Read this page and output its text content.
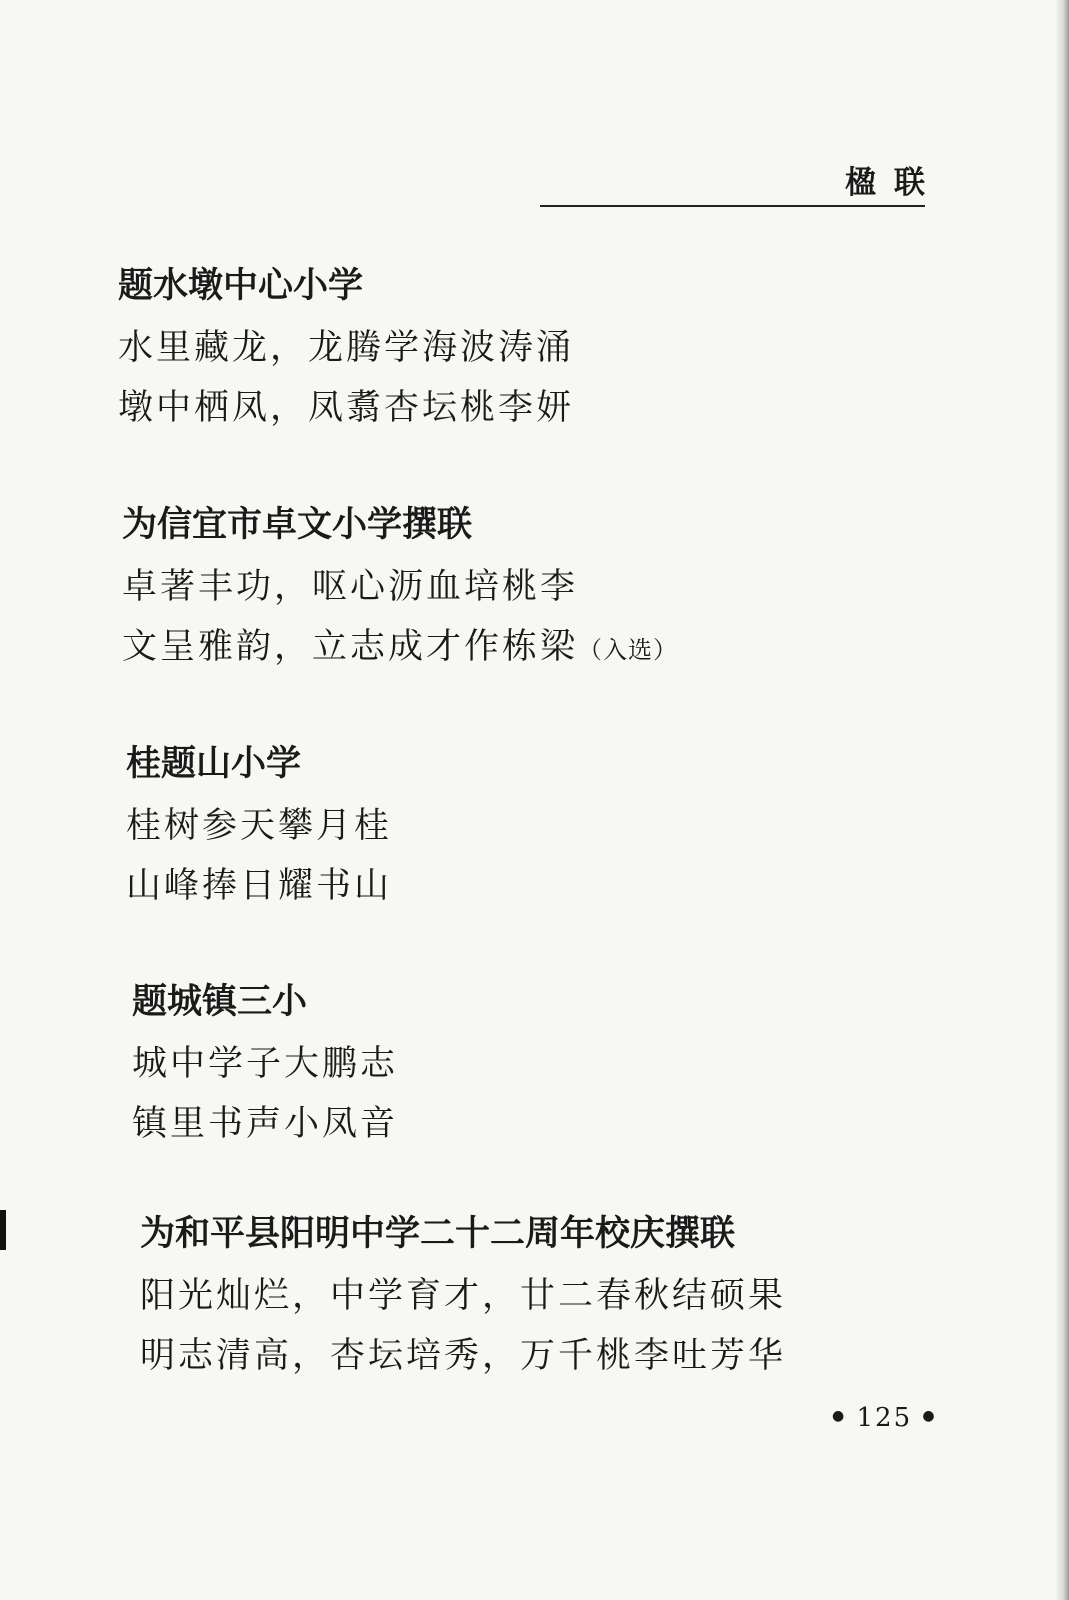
楹联
题水墩中心小学
水里藏龙，龙腾学海波涛涌
墩中栖凤，凤翥杏坛桃李妍
为信宜市卓文小学撰联
卓著丰功，呕心沥血培桃李
文呈雅韵，立志成才作栋梁（入选）
桂题山小学
桂树参天攀月桂
山峰捧日耀书山
题城镇三小
城中学子大鹏志
镇里书声小凤音
为和平县阳明中学二十二周年校庆撰联
阳光灿烂，中学育才，廿二春秋结硕果
明志清高，杏坛培秀，万千桃李吐芳华
● 125 ●
